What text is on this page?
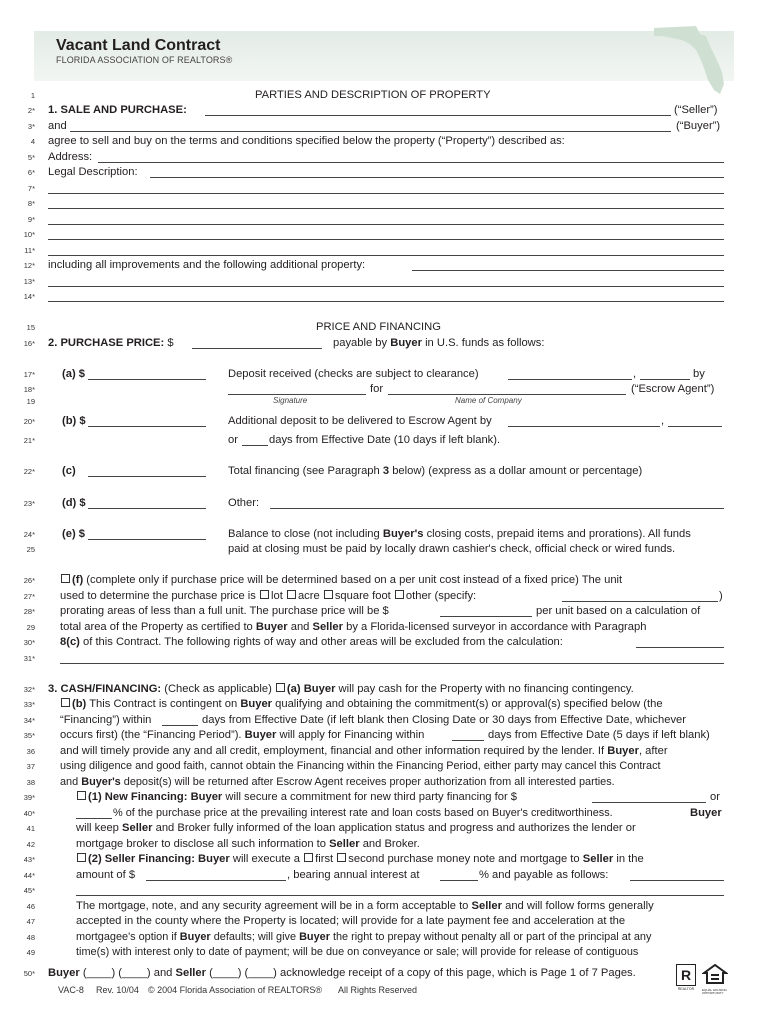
Vacant Land Contract
FLORIDA ASSOCIATION OF REALTORS®
1	PARTIES AND DESCRIPTION OF PROPERTY
2* 1. SALE AND PURCHASE:	(“Seller”)
3* and	(“Buyer”)
4 agree to sell and buy on the terms and conditions specified below the property (“Property”) described as:
5* Address:
6* Legal Description:
7*
8*
9*
10*
11*
12* including all improvements and the following additional property:
13*
14*
15	PRICE AND FINANCING
16* 2. PURCHASE PRICE: $	payable by Buyer in U.S. funds as follows:
17* (a) $	Deposit received (checks are subject to clearance)	,	by
18*	for	(“Escrow Agent”)
19	Signature	Name of Company
20* (b) $	Additional deposit to be delivered to Escrow Agent by	,
21*	or	days from Effective Date (10 days if left blank).
22* (c)	Total financing (see Paragraph 3 below) (express as a dollar amount or percentage)
23* (d) $	Other:
24* (e) $	Balance to close (not including Buyer's closing costs, prepaid items and prorations). All funds
25	paid at closing must be paid by locally drawn cashier's check, official check or wired funds.
26*	(f) (complete only if purchase price will be determined based on a per unit cost instead of a fixed price) The unit
27* used to determine the purchase price is lot acre square foot other (specify:	)
28* prorating areas of less than a full unit. The purchase price will be $	per unit based on a calculation of
29 total area of the Property as certified to Buyer and Seller by a Florida-licensed surveyor in accordance with Paragraph
30* 8(c) of this Contract. The following rights of way and other areas will be excluded from the calculation:
31*
32* 3. CASH/FINANCING: (Check as applicable) (a) Buyer will pay cash for the Property with no financing contingency.
33*	(b) This Contract is contingent on Buyer qualifying and obtaining the commitment(s) or approval(s) specified below (the
34* “Financing”) within	days from Effective Date (if left blank then Closing Date or 30 days from Effective Date, whichever
35* occurs first) (the “Financing Period”). Buyer will apply for Financing within	days from Effective Date (5 days if left blank)
36 and will timely provide any and all credit, employment, financial and other information required by the lender. If Buyer, after
37 using diligence and good faith, cannot obtain the Financing within the Financing Period, either party may cancel this Contract
38 and Buyer's deposit(s) will be returned after Escrow Agent receives proper authorization from all interested parties.
39*	(1) New Financing: Buyer will secure a commitment for new third party financing for $	or
40*	% of the purchase price at the prevailing interest rate and loan costs based on Buyer's creditworthiness.	Buyer
41	will keep Seller and Broker fully informed of the loan application status and progress and authorizes the lender or
42	mortgage broker to disclose all such information to Seller and Broker.
43*	(2) Seller Financing: Buyer will execute a first second purchase money note and mortgage to Seller in the
44*	amount of $	, bearing annual interest at	% and payable as follows:
45*
46	The mortgage, note, and any security agreement will be in a form acceptable to Seller and will follow forms generally
47	accepted in the county where the Property is located; will provide for a late payment fee and acceleration at the
48	mortgagee's option if Buyer defaults; will give Buyer the right to prepay without penalty all or part of the principal at any
49	time(s) with interest only to date of payment; will be due on conveyance or sale; will provide for release of contiguous
50* Buyer (____) (____) and Seller (____) (____) acknowledge receipt of a copy of this page, which is Page 1 of 7 Pages.
VAC-8 Rev. 10/04 © 2004 Florida Association of REALTORS® All Rights Reserved
R
REALTOR	EQUAL HOUSING OPPORTUNITY
